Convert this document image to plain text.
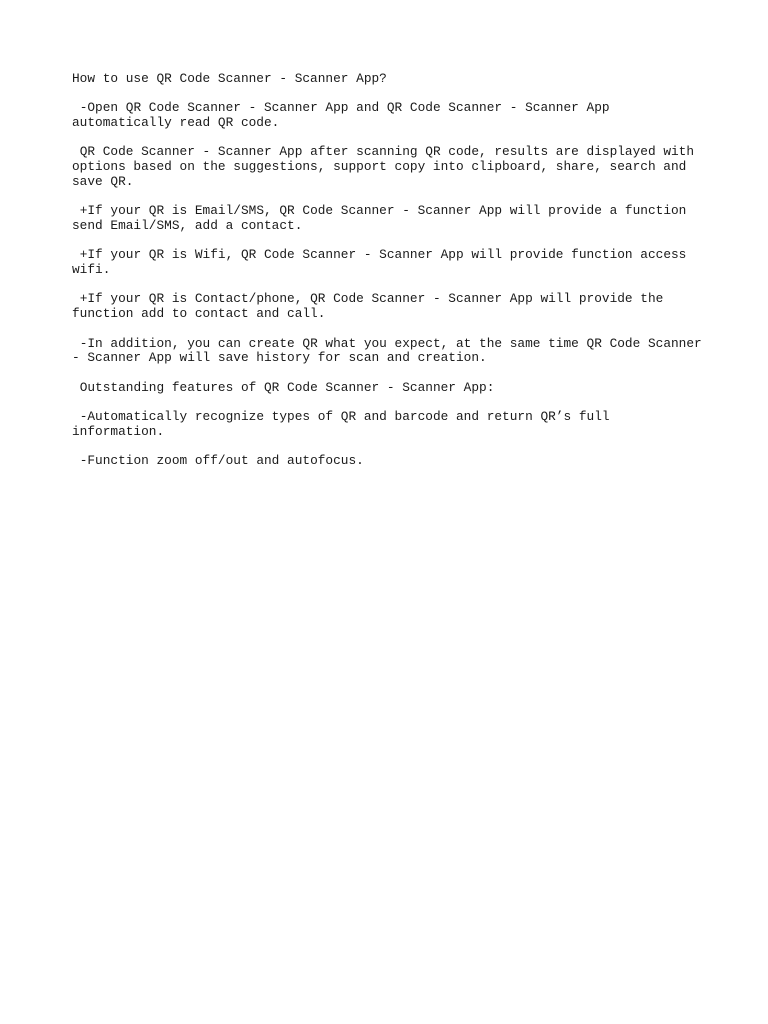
How to use QR Code Scanner - Scanner App?

-Open QR Code Scanner - Scanner App and QR Code Scanner - Scanner App automatically read QR code.

QR Code Scanner - Scanner App after scanning QR code, results are displayed with options based on the suggestions, support copy into clipboard, share, search and save QR.

+If your QR is Email/SMS, QR Code Scanner - Scanner App will provide a function send Email/SMS, add a contact.

+If your QR is Wifi, QR Code Scanner - Scanner App will provide function access wifi.

+If your QR is Contact/phone, QR Code Scanner - Scanner App will provide the function add to contact and call.

-In addition, you can create QR what you expect, at the same time QR Code Scanner - Scanner App will save history for scan and creation.

Outstanding features of QR Code Scanner - Scanner App:

-Automatically recognize types of QR and barcode and return QR’s full information.

-Function zoom off/out and autofocus.
